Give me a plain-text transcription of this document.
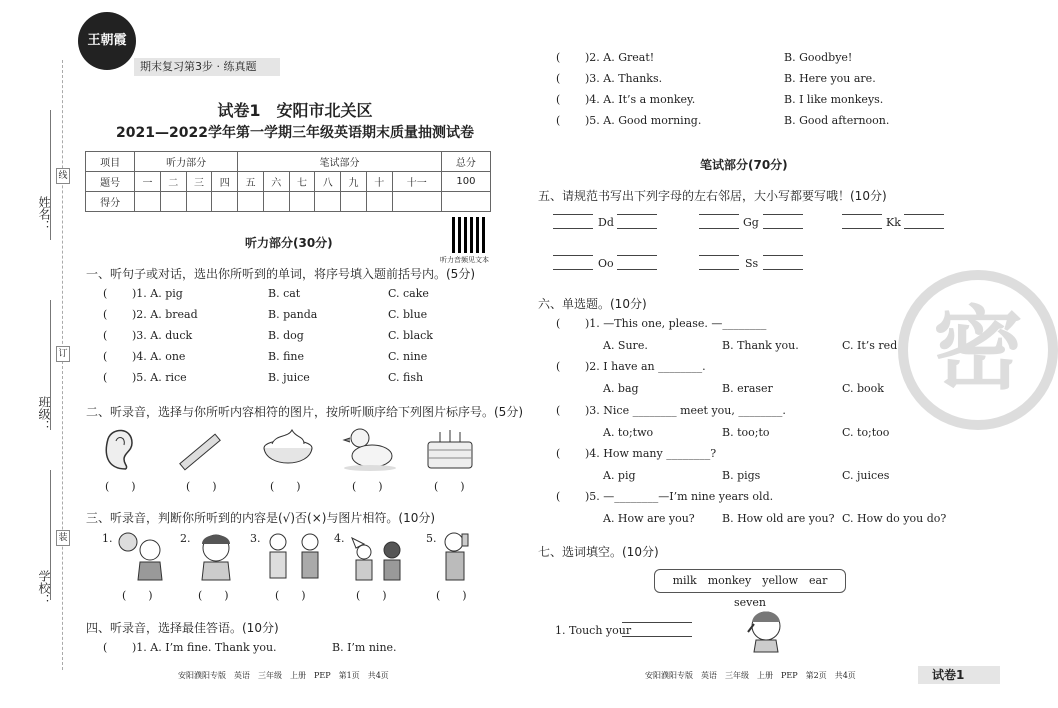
线
订
装
姓名：
班级：
学校：
王朝霞
期末复习第3步 · 练真题
试卷1　安阳市北关区
2021—2022学年第一学期三年级英语期末质量抽测试卷
项目	听力部分				笔试部分							总分
题号	一	二	三	四	五	六	七	八	九	十	十一	100
得分												
听力音频见文本
听力部分(30分)
一、听句子或对话，选出你所听到的单词，将序号填入题前括号内。(5分)
( )1. A. pig	B. cat	C. cake
( )2. A. bread	B. panda	C. blue
( )3. A. duck	B. dog	C. black
( )4. A. one	B. fine	C. nine
( )5. A. rice	B. juice	C. fish
二、听录音，选择与你所听内容相符的图片，按所听顺序给下列图片标序号。(5分)
(　　)	(　　)	(　　)	(　　)	(　　)
三、听录音，判断你所听到的内容是(√)否(×)与图片相符。(10分)
1.	2.	3.	4.	5.
(　　)	(　　)	(　　)	(　　)	(　　)
四、听录音，选择最佳答语。(10分)
( )1. A. I’m fine. Thank you.	B. I’m nine.
安阳濮阳专版　英语　三年级　上册　PEP　第1页　共4页
( )2. A. Great!	B. Goodbye!
( )3. A. Thanks.	B. Here you are.
( )4. A. It’s a monkey.	B. I like monkeys.
( )5. A. Good morning.	B. Good afternoon.
笔试部分(70分)
五、请规范书写出下列字母的左右邻居，大小写都要写哦！(10分)
Dd	Gg	Kk
Oo	Ss
六、单选题。(10分)
( )1. —This one, please. —________
A. Sure.	B. Thank you.	C. It’s red.
( )2. I have an ________.
A. bag	B. eraser	C. book
( )3. Nice ________ meet you, ________.
A. to;two	B. too;to	C. to;too
( )4. How many ________?
A. pig	B. pigs	C. juices
( )5. —________—I’m nine years old.
A. How are you? B. How old are you? C. How do you do?
七、选词填空。(10分)
milk　monkey　yellow　ear　seven
1. Touch your
安阳濮阳专版　英语　三年级　上册　PEP　第2页　共4页
密
试卷1
